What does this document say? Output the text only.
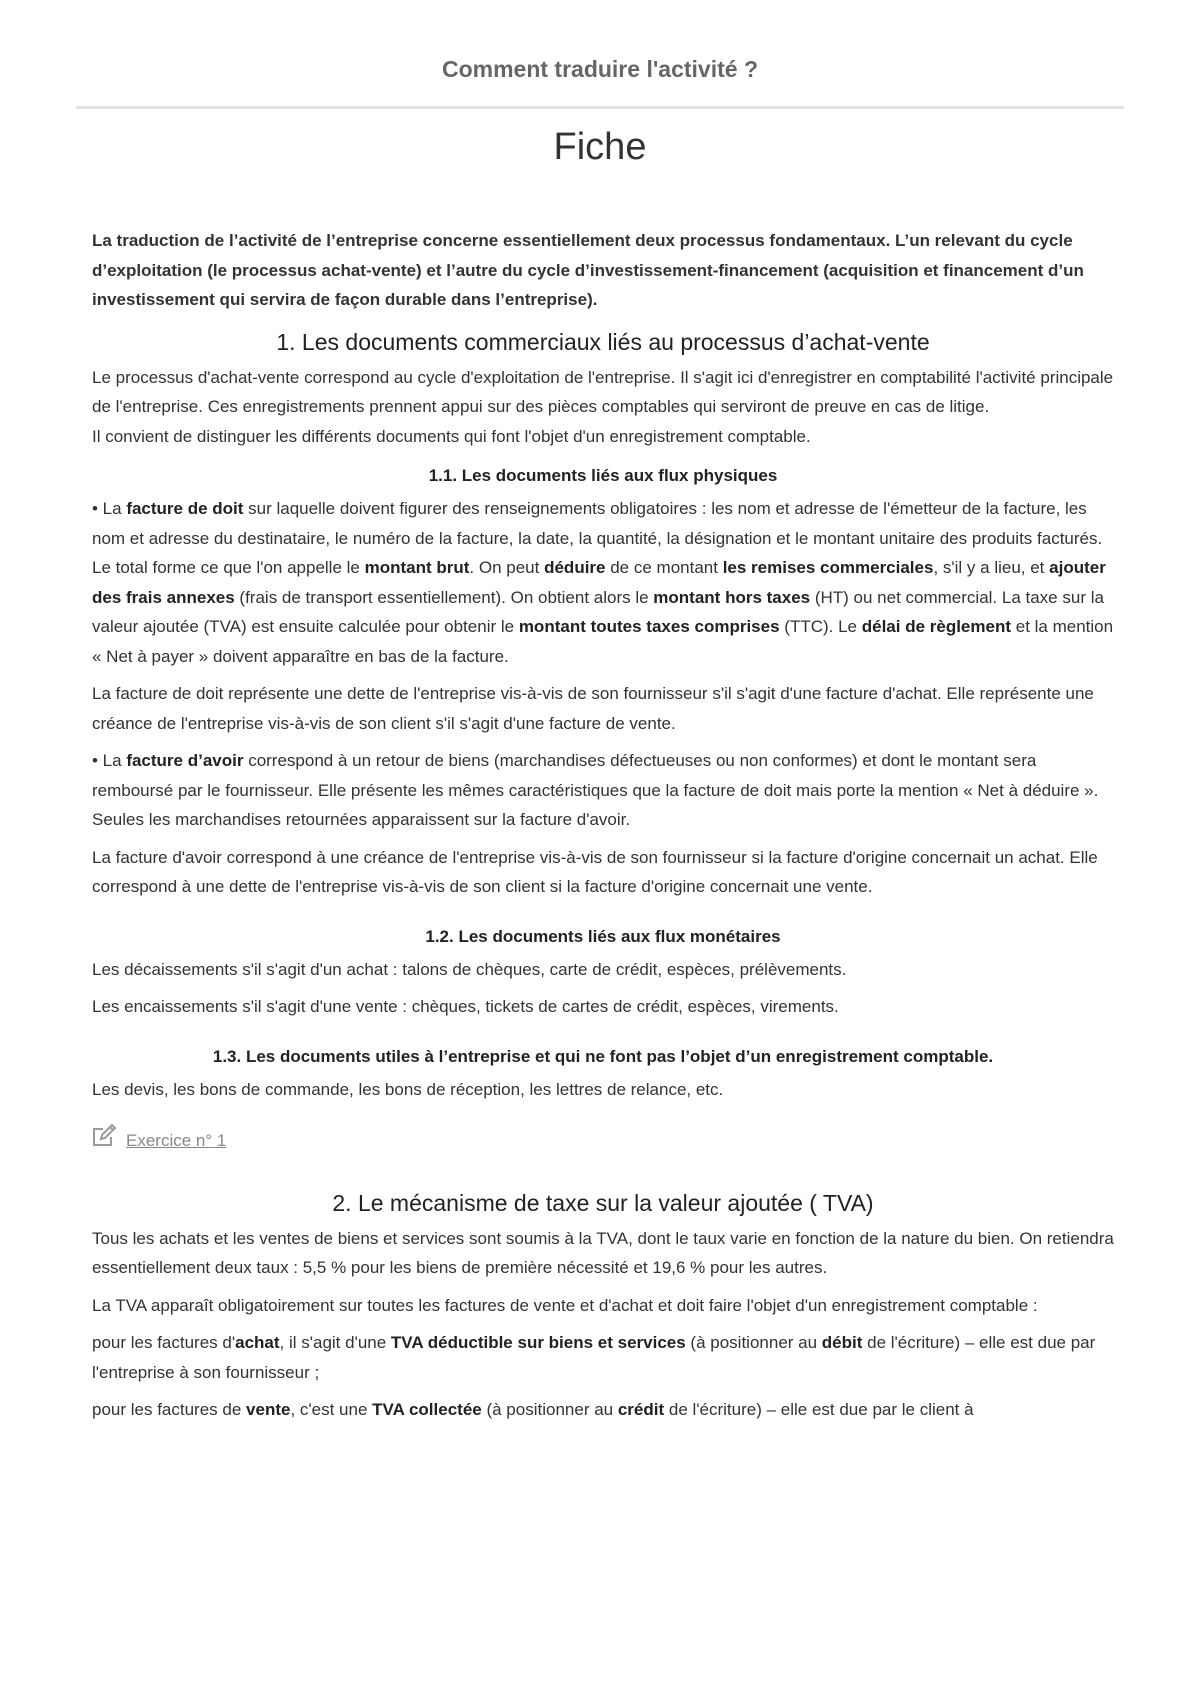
Comment traduire l'activité ?
Fiche

La traduction de l’activité de l’entreprise concerne essentiellement deux processus fondamentaux. L’un relevant du cycle d’exploitation (le processus achat-vente) et l’autre du cycle d’investissement-financement (acquisition et financement d’un investissement qui servira de façon durable dans l’entreprise).

1. Les documents commerciaux liés au processus d’achat-vente

Le processus d'achat-vente correspond au cycle d'exploitation de l'entreprise. Il s'agit ici d'enregistrer en comptabilité l'activité principale de l'entreprise. Ces enregistrements prennent appui sur des pièces comptables qui serviront de preuve en cas de litige.

Il convient de distinguer les différents documents qui font l'objet d'un enregistrement comptable.

1.1. Les documents liés aux flux physiques

• La facture de doit sur laquelle doivent figurer des renseignements obligatoires : les nom et adresse de l'émetteur de la facture, les nom et adresse du destinataire, le numéro de la facture, la date, la quantité, la désignation et le montant unitaire des produits facturés. Le total forme ce que l'on appelle le montant brut. On peut déduire de ce montant les remises commerciales, s'il y a lieu, et ajouter des frais annexes (frais de transport essentiellement). On obtient alors le montant hors taxes (HT) ou net commercial. La taxe sur la valeur ajoutée (TVA) est ensuite calculée pour obtenir le montant toutes taxes comprises (TTC). Le délai de règlement et la mention « Net à payer » doivent apparaître en bas de la facture.

La facture de doit représente une dette de l'entreprise vis-à-vis de son fournisseur s'il s'agit d'une facture d'achat. Elle représente une créance de l'entreprise vis-à-vis de son client s'il s'agit d'une facture de vente.

• La facture d’avoir correspond à un retour de biens (marchandises défectueuses ou non conformes) et dont le montant sera remboursé par le fournisseur. Elle présente les mêmes caractéristiques que la facture de doit mais porte la mention « Net à déduire ». Seules les marchandises retournées apparaissent sur la facture d'avoir.

La facture d'avoir correspond à une créance de l'entreprise vis-à-vis de son fournisseur si la facture d'origine concernait un achat. Elle correspond à une dette de l'entreprise vis-à-vis de son client si la facture d'origine concernait une vente.

1.2. Les documents liés aux flux monétaires

Les décaissements s'il s'agit d'un achat : talons de chèques, carte de crédit, espèces, prélèvements.

Les encaissements s'il s'agit d'une vente : chèques, tickets de cartes de crédit, espèces, virements.

1.3. Les documents utiles à l’entreprise et qui ne font pas l’objet d’un enregistrement comptable.

Les devis, les bons de commande, les bons de réception, les lettres de relance, etc.

Exercice n° 1
2. Le mécanisme de taxe sur la valeur ajoutée ( TVA)

Tous les achats et les ventes de biens et services sont soumis à la TVA, dont le taux varie en fonction de la nature du bien. On retiendra essentiellement deux taux : 5,5 % pour les biens de première nécessité et 19,6 % pour les autres.

La TVA apparaît obligatoirement sur toutes les factures de vente et d'achat et doit faire l'objet d'un enregistrement comptable :

pour les factures d'achat, il s'agit d'une TVA déductible sur biens et services (à positionner au débit de l'écriture) – elle est due par l'entreprise à son fournisseur ;

pour les factures de vente, c'est une TVA collectée (à positionner au crédit de l'écriture) – elle est due par le client à
